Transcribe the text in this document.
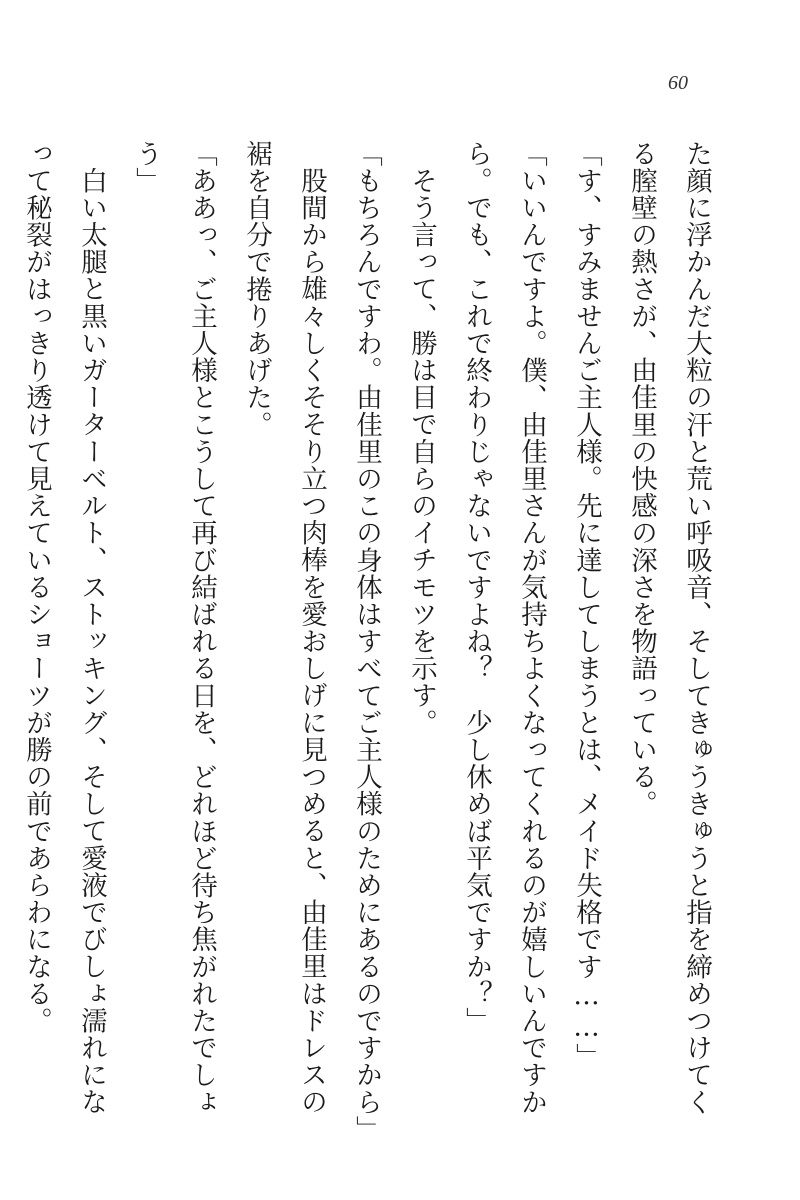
60

た顔に浮かんだ大粒の汗と荒い呼吸音、そしてきゅうきゅうと指を締めつけてくる膣壁の熱さが、由佳里の快感の深さを物語っている。

「す、すみませんご主人様。先に達してしまうとは、メイド失格です……」

「いいんですよ。僕、由佳里さんが気持ちよくなってくれるのが嬉しいんですから。でも、これで終わりじゃないですよね？　少し休めば平気ですか？」

そう言って、勝は目で自らのイチモツを示す。

「もちろんですわ。由佳里のこの身体はすべてご主人様のためにあるのですから」

股間から雄々しくそそり立つ肉棒を愛おしげに見つめると、由佳里はドレスの裾を自分で捲りあげた。

「ああっ、ご主人様とこうして再び結ばれる日を、どれほど待ち焦がれたでしょう」

白い太腿と黒いガーターベルト、ストッキング、そして愛液でびしょ濡れになって秘裂がはっきり透けて見えているショーツが勝の前であらわになる。
